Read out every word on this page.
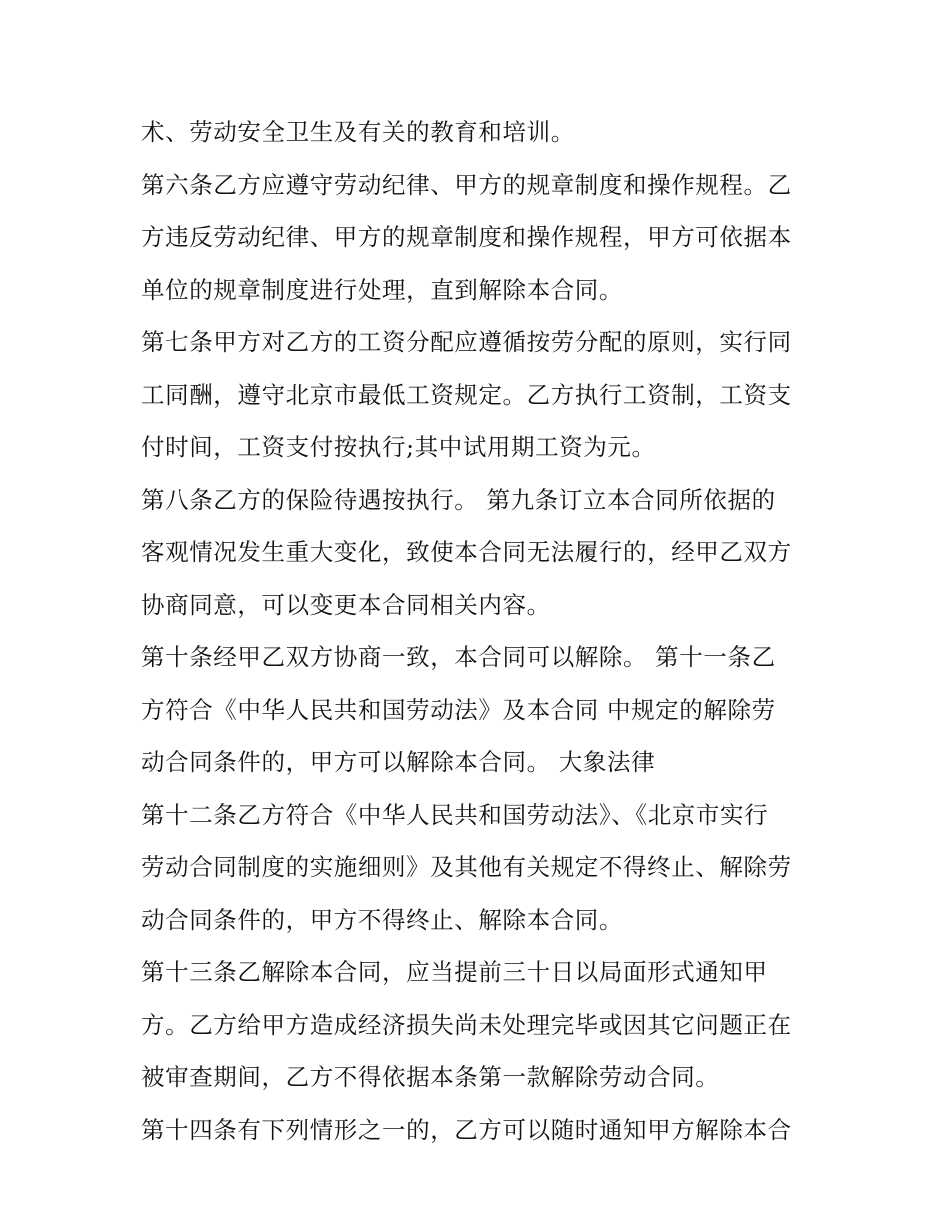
术、劳动安全卫生及有关的教育和培训。
第六条乙方应遵守劳动纪律、甲方的规章制度和操作规程。乙
方违反劳动纪律、甲方的规章制度和操作规程，甲方可依据本
单位的规章制度进行处理，直到解除本合同。
第七条甲方对乙方的工资分配应遵循按劳分配的原则，实行同
工同酬，遵守北京市最低工资规定。乙方执行工资制，工资支
付时间，工资支付按执行;其中试用期工资为元。
第八条乙方的保险待遇按执行。 第九条订立本合同所依据的
客观情况发生重大变化，致使本合同无法履行的，经甲乙双方
协商同意，可以变更本合同相关内容。
第十条经甲乙双方协商一致，本合同可以解除。 第十一条乙
方符合《中华人民共和国劳动法》及本合同 中规定的解除劳
动合同条件的，甲方可以解除本合同。 大象法律
第十二条乙方符合《中华人民共和国劳动法》、《北京市实行
劳动合同制度的实施细则》及其他有关规定不得终止、解除劳
动合同条件的，甲方不得终止、解除本合同。
第十三条乙解除本合同，应当提前三十日以局面形式通知甲
方。乙方给甲方造成经济损失尚未处理完毕或因其它问题正在
被审查期间，乙方不得依据本条第一款解除劳动合同。
第十四条有下列情形之一的，乙方可以随时通知甲方解除本合
